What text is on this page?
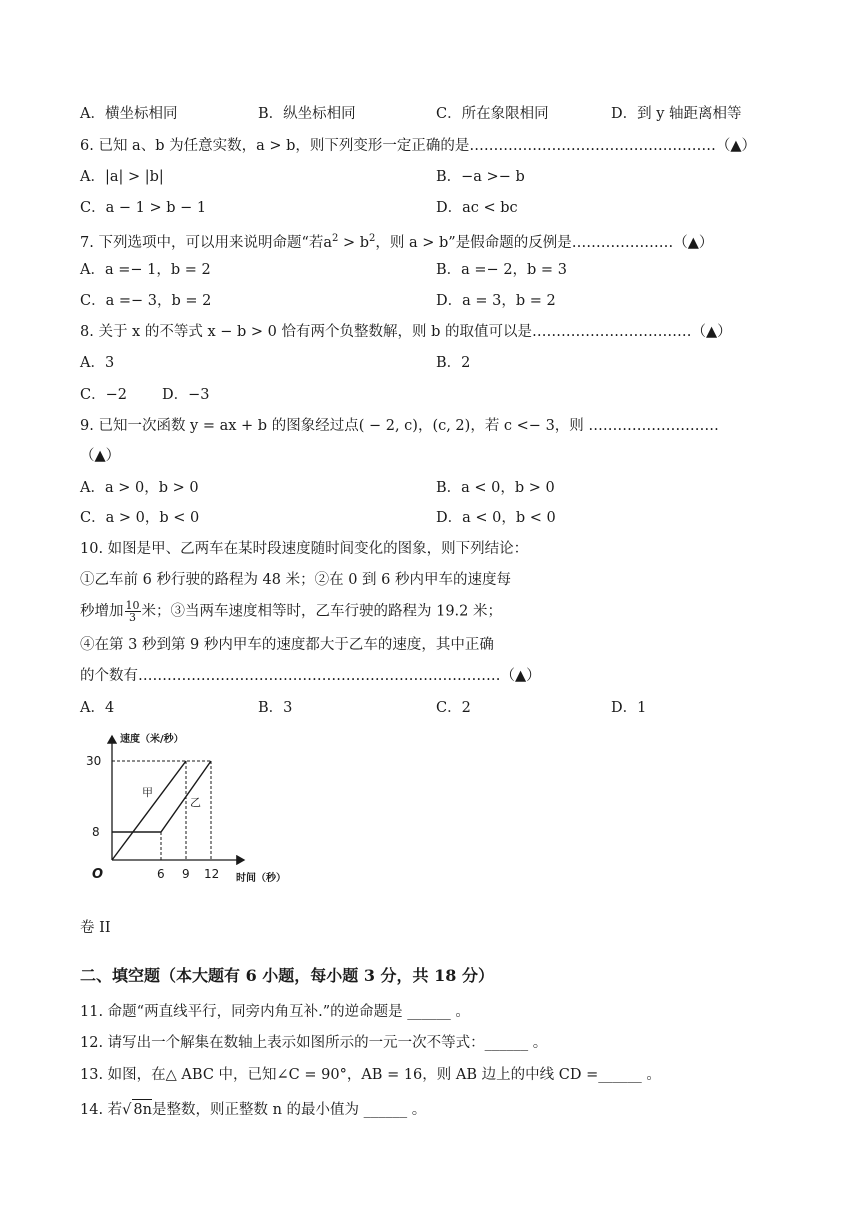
A．横坐标相同	B．纵坐标相同	C．所在象限相同	D．到 y 轴距离相等
6. 已知 a、b 为任意实数，a > b，则下列变形一定正确的是……………………………………………（▲）
A．|a| > |b|	B．−a >− b
C．a − 1 > b − 1	D．ac < bc
7. 下列选项中，可以用来说明命题“若$a^2 > b^2$，则 a > b”是假命题的反例是…………………（▲）
A．a =− 1，b = 2	B．a =− 2，b = 3
C．a =− 3，b = 2	D．a = 3，b = 2
8. 关于 x 的不等式 x − b > 0 恰有两个负整数解，则 b 的取值可以是……………………………（▲）
A．3	B．2
C．−2 D．−3
9. 已知一次函数 y = ax + b 的图象经过点( − 2, c)，(c, 2)，若 c <− 3，则 ………………………
（▲）
A．a > 0，b > 0	B．a < 0，b > 0
C．a > 0，b < 0	D．a < 0，b < 0
10. 如图是甲、乙两车在某时段速度随时间变化的图象，则下列结论：
①乙车前 6 秒行驶的路程为 48 米；②在 0 到 6 秒内甲车的速度每
秒增加 $\frac{10}{3}$ 米；③当两车速度相等时，乙车行驶的路程为 19.2 米；
④在第 3 秒到第 9 秒内甲车的速度都大于乙车的速度，其中正确
的个数有…………………………………………………………………（▲）
A．4	B．3	C．2	D．1
速度（米/秒）
30
8
O	6 9 12 时间（秒）
甲
乙
卷 II
二、填空题（本大题有 6 小题，每小题 3 分，共 18 分）
11. 命题“两直线平行，同旁内角互补.”的逆命题是 ______ 。
12. 请写出一个解集在数轴上表示如图所示的一元一次不等式：______ 。
13. 如图，在△ ABC 中，已知∠C = 90°，AB = 16，则 AB 边上的中线 CD =______ 。
14. 若√ 8n是整数，则正整数 n 的最小值为 ______ 。
